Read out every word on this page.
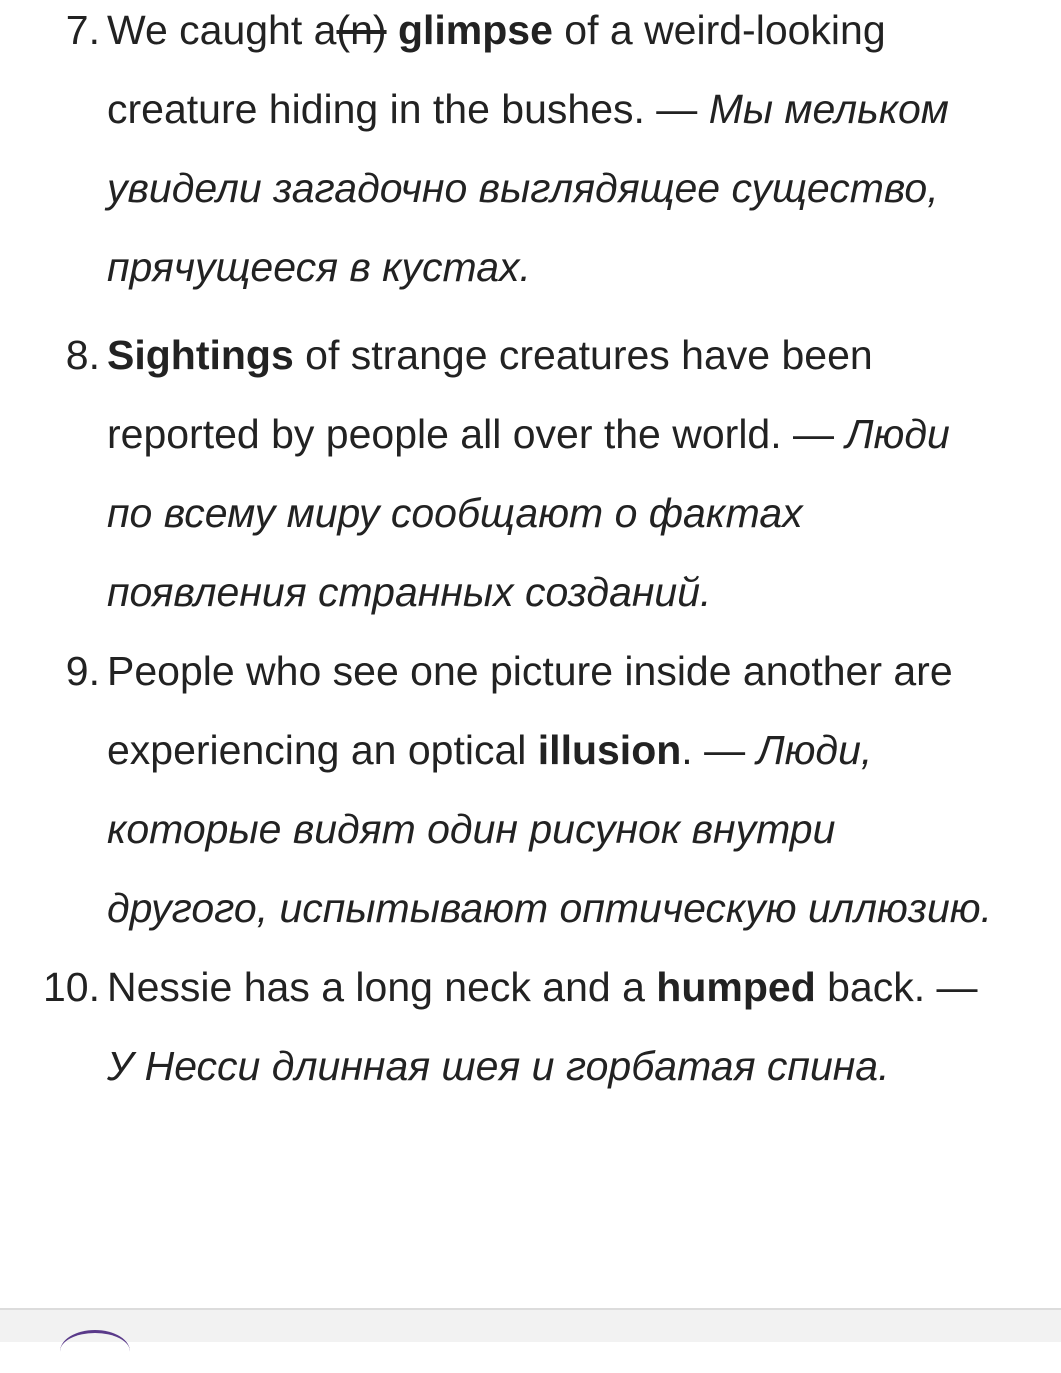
7. We caught a(n) glimpse of a weird-looking creature hiding in the bushes. — Мы мельком увидели загадочно выглядящее существо, прячущееся в кустах.
8. Sightings of strange creatures have been reported by people all over the world. — Люди по всему миру сообщают о фактах появления странных созданий.
9. People who see one picture inside another are experiencing an optical illusion. — Люди, которые видят один рисунок внутри другого, испытывают оптическую иллюзию.
10. Nessie has a long neck and a humped back. — У Несси длинная шея и горбатая спина.
